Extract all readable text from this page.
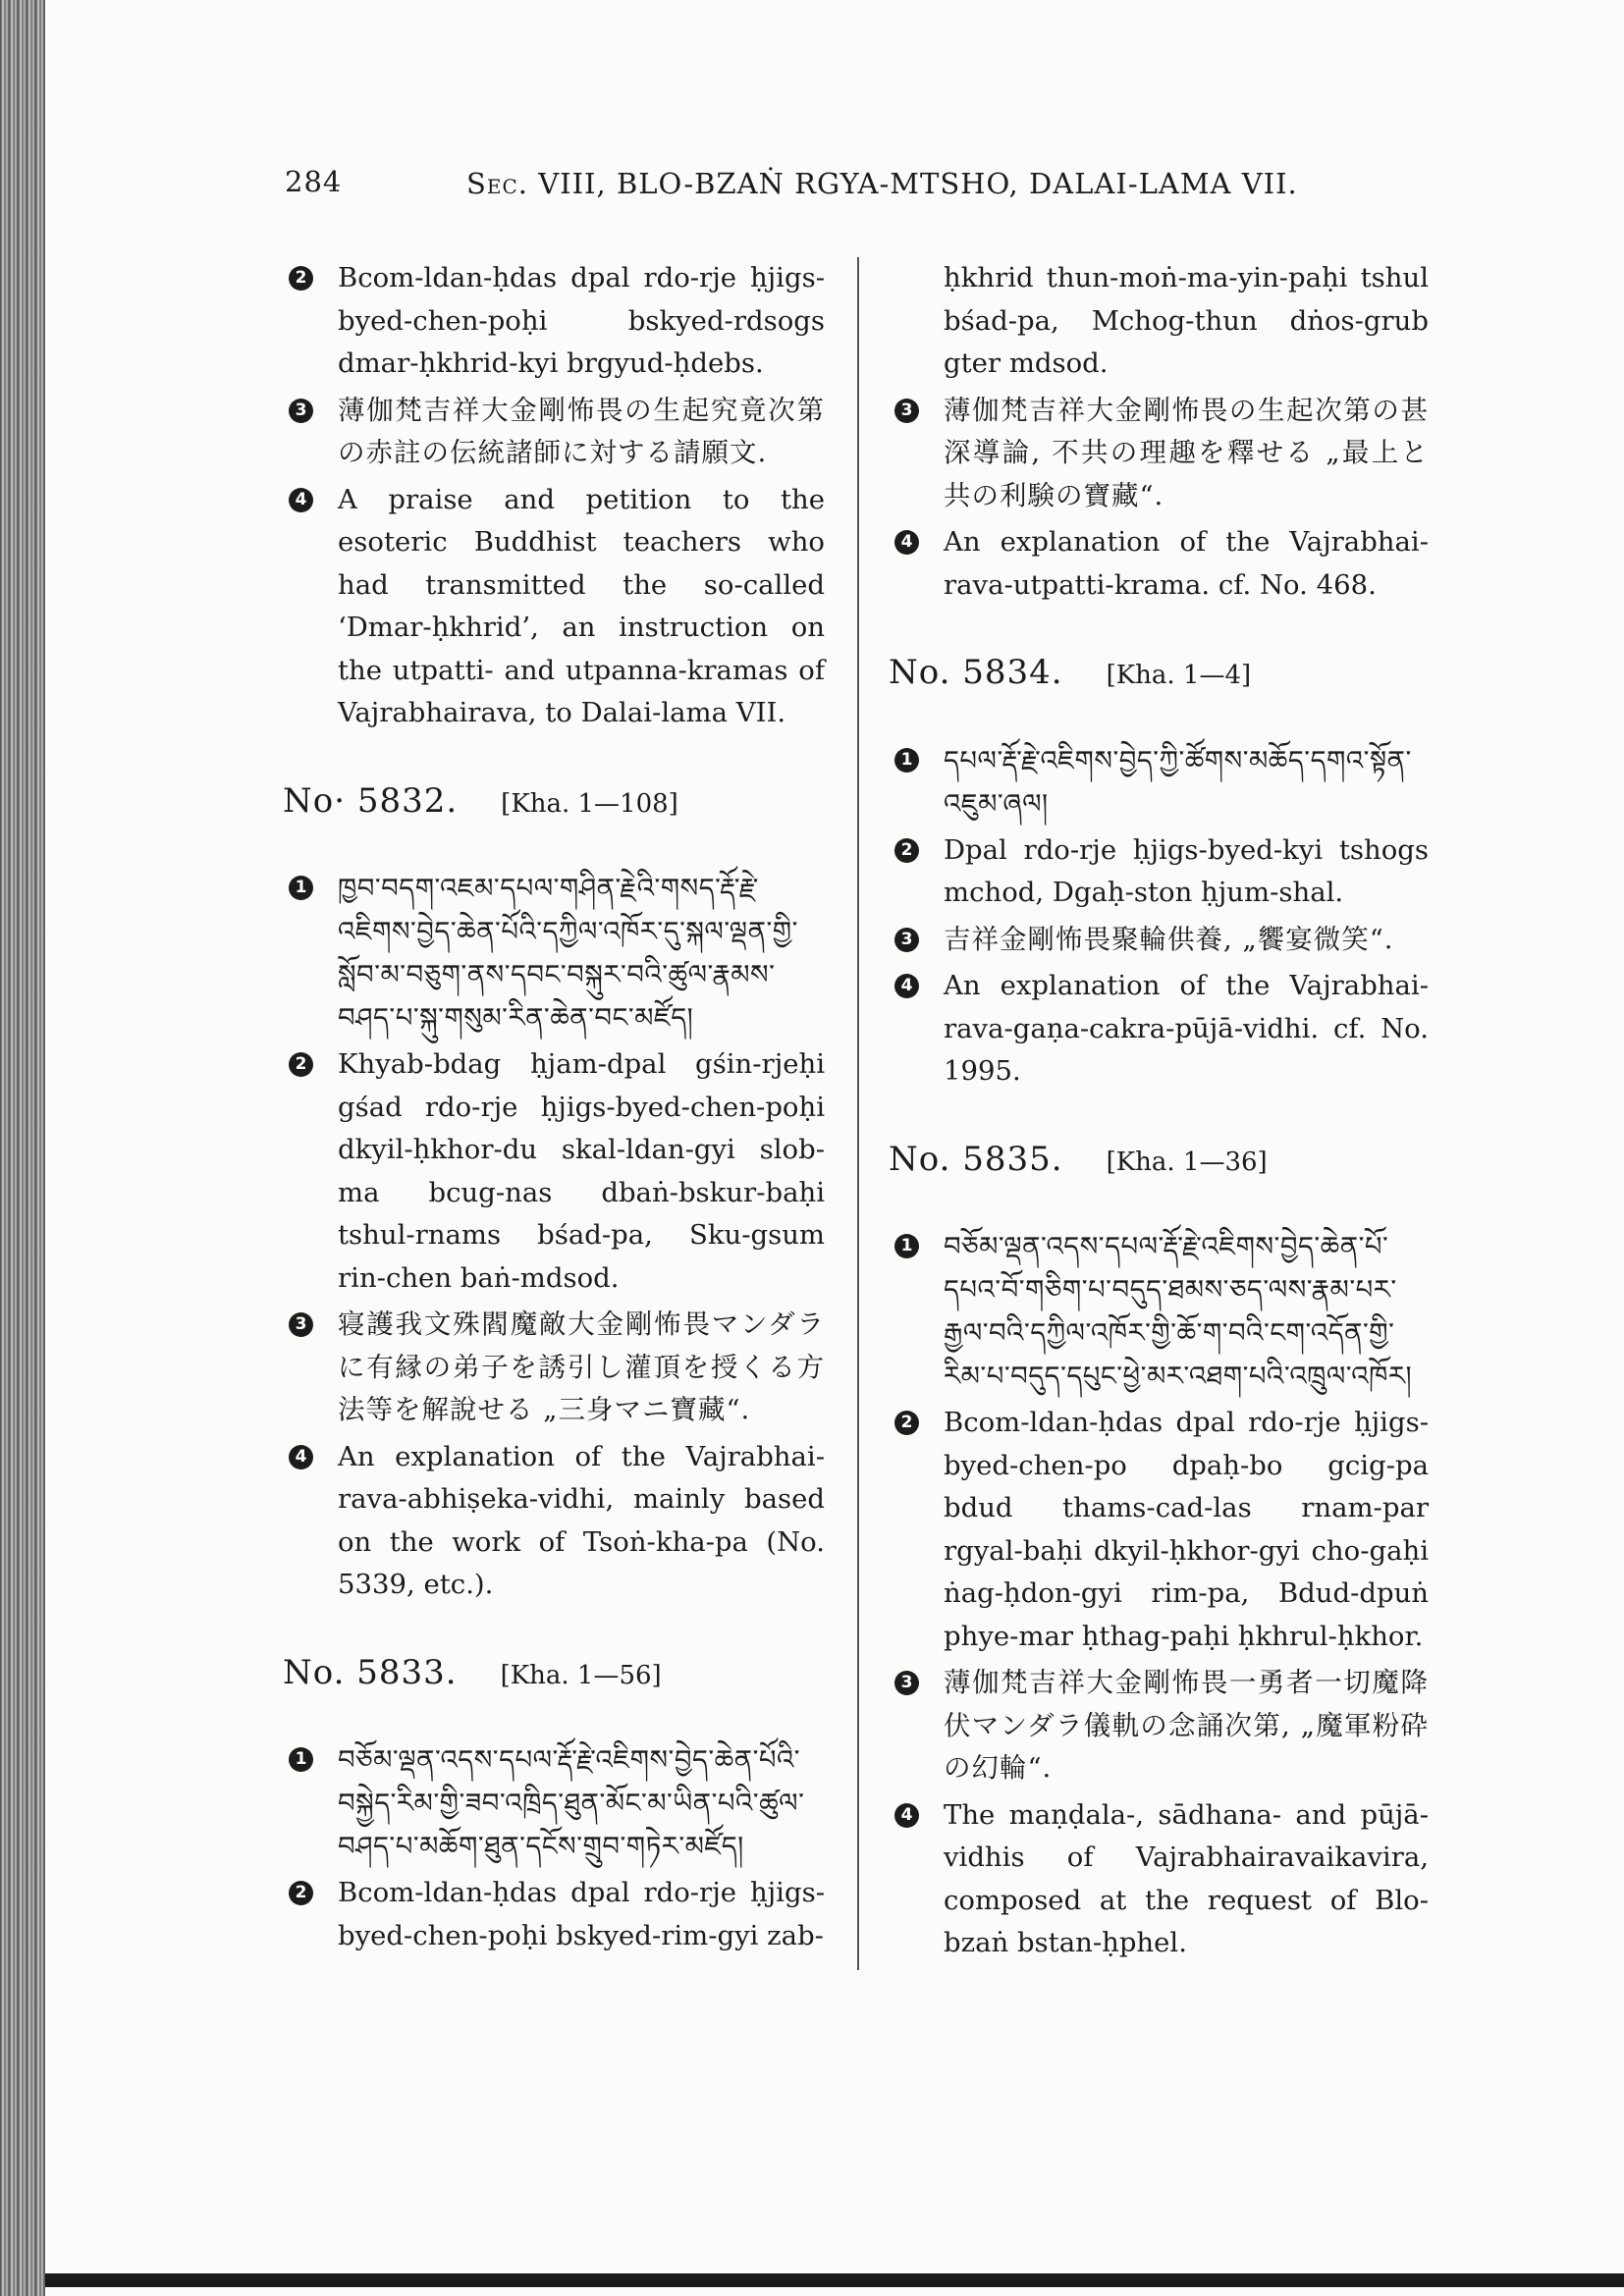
284	Sec. VIII, BLO-BZAṄ RGYA-MTSHO, DALAI-LAMA VII.
2 Bcom-ldan-ḥdas dpal rdo-rje ḥjigs-byed-chen-poḥi bskyed-rdsogs dmar-ḥkhrid-kyi brgyud-ḥdebs.
3 薄伽梵吉祥大金剛怖畏の生起究竟次第の赤註の伝統諸師に対する請願文.
4 A praise and petition to the esoteric Buddhist teachers who had transmitted the so-called ‘Dmar-ḥkhrid’, an instruction on the utpatti- and utpanna-kramas of Vajrabhairava, to Dalai-lama VII.
No· 5832. [Kha. 1—108]
1 ཁྱབ་བདག་འཇམ་དཔལ་གཤིན་རྗེའི་གསད་རྡོ་རྗེ་འཇིགས་བྱེད་ཆེན་པོའི་དཀྱིལ་འཁོར་དུ་སྐལ་ལྡན་གྱི་སློབ་མ་བཅུག་ནས་དབང་བསྐུར་བའི་ཚུལ་རྣམས་བཤད་པ་སྐུ་གསུམ་རིན་ཆེན་བང་མཛོད།
2 Khyab-bdag ḥjam-dpal gśin-rjeḥi gśad rdo-rje ḥjigs-byed-chen-poḥi dkyil-ḥkhor-du skal-ldan-gyi slob-ma bcug-nas dbaṅ-bskur-baḥi tshul-rnams bśad-pa, Sku-gsum rin-chen baṅ-mdsod.
3 寝護我文殊閻魔敵大金剛怖畏マンダラに有縁の弟子を誘引し灌頂を授くる方法等を解說せる „三身マニ寶藏“.
4 An explanation of the Vajrabhai-rava-abhiṣeka-vidhi, mainly based on the work of Tsoṅ-kha-pa (No. 5339, etc.).
No. 5833. [Kha. 1—56]
1 བཅོམ་ལྡན་འདས་དཔལ་རྡོ་རྗེ་འཇིགས་བྱེད་ཆེན་པོའི་བསྐྱེད་རིམ་གྱི་ཟབ་འཁྲིད་ཐུན་མོང་མ་ཡིན་པའི་ཚུལ་བཤད་པ་མཆོག་ཐུན་དངོས་གྲུབ་གཏེར་མཛོད།
2 Bcom-ldan-ḥdas dpal rdo-rje ḥjigs-byed-chen-poḥi bskyed-rim-gyi zab-
ḥkhrid thun-moṅ-ma-yin-paḥi tshul bśad-pa, Mchog-thun dṅos-grub gter mdsod.
3 薄伽梵吉祥大金剛怖畏の生起次第の甚深導論, 不共の理趣を釋せる „最上と共の利験の寶藏“.
4 An explanation of the Vajrabhai-rava-utpatti-krama. cf. No. 468.
No. 5834. [Kha. 1—4]
1 དཔལ་རྡོ་རྗེ་འཇིགས་བྱེད་ཀྱི་ཚོགས་མཆོད་དགའ་སྟོན་འཇུམ་ཞལ།
2 Dpal rdo-rje ḥjigs-byed-kyi tshogs mchod, Dgaḥ-ston ḥjum-shal.
3 吉祥金剛怖畏聚輪供養, „饗宴微笑“.
4 An explanation of the Vajrabhai-rava-gaṇa-cakra-pūjā-vidhi. cf. No. 1995.
No. 5835. [Kha. 1—36]
1 བཅོམ་ལྡན་འདས་དཔལ་རྡོ་རྗེ་འཇིགས་བྱེད་ཆེན་པོ་དཔའ་བོ་གཅིག་པ་བདུད་ཐམས་ཅད་ལས་རྣམ་པར་རྒྱལ་བའི་དཀྱིལ་འཁོར་གྱི་ཆོ་ག་བའི་ངག་འདོན་གྱི་རིམ་པ་བདུད་དཔུང་ཕྱེ་མར་འཐག་པའི་འཁྲུལ་འཁོར།
2 Bcom-ldan-ḥdas dpal rdo-rje ḥjigs-byed-chen-po dpaḥ-bo gcig-pa bdud thams-cad-las rnam-par rgyal-baḥi dkyil-ḥkhor-gyi cho-gaḥi ṅag-ḥdon-gyi rim-pa, Bdud-dpuṅ phye-mar ḥthag-paḥi ḥkhrul-ḥkhor.
3 薄伽梵吉祥大金剛怖畏一勇者一切魔降伏マンダラ儀軌の念誦次第, „魔軍粉砕の幻輪“.
4 The maṇḍala-, sādhana- and pūjā-vidhis of Vajrabhairavaikavira, composed at the request of Blo-bzaṅ bstan-ḥphel.
